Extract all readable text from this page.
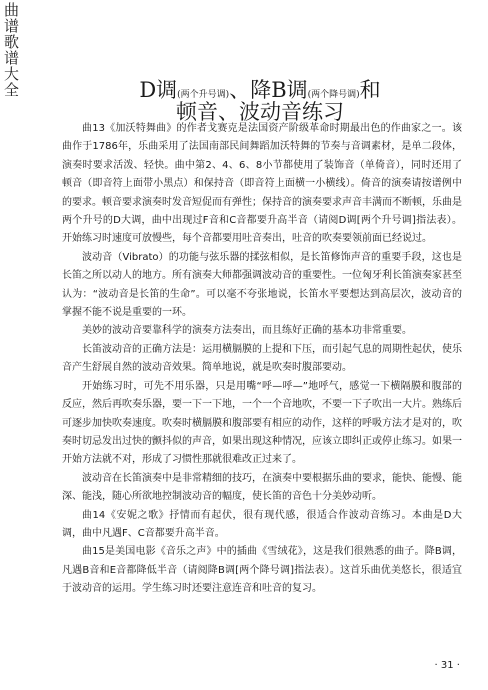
曲谱歌谱大全	D调(两个升号调)、降B调(两个降号调)和
顿音、波动音练习

曲13《加沃特舞曲》的作者戈赛克是法国资产阶级革命时期最出色的作曲家之一。该曲作于1786年，乐曲采用了法国南部民间舞蹈加沃特舞的节奏与音调素材，是单二段体，演奏时要求活泼、轻快。曲中第2、4、6、8小节都使用了装饰音（单倚音），同时还用了顿音（即音符上面带小黑点）和保持音（即音符上面横一小横线）。倚音的演奏请按谱例中的要求。顿音要求演奏时发音短促而有弹性；保持音的演奏要求声音丰满而不断顿，乐曲是两个升号的D大调，曲中出现过F音和C音都要升高半音（请阅D调[两个升号调]指法表）。开始练习时速度可放慢些，每个音都要用吐音奏出，吐音的吹奏要领前面已经说过。

波动音（Vibrato）的功能与弦乐器的揉弦相似，是长笛修饰声音的重要手段，这也是长笛之所以动人的地方。所有演奏大师都强调波动音的重要性。一位匈牙利长笛演奏家甚至认为：“波动音是长笛的生命”。可以毫不夸张地说，长笛水平要想达到高层次，波动音的掌握不能不说是重要的一环。

美妙的波动音要靠科学的演奏方法奏出，而且练好正确的基本功非常重要。

长笛波动音的正确方法是：运用横膈膜的上提和下压，而引起气息的周期性起伏，使乐音产生舒展自然的波动音效果。简单地说，就是吹奏时腹部要动。

开始练习时，可先不用乐器，只是用嘴“呼—呼—”地呼气，感觉一下横隔膜和腹部的反应，然后再吹奏乐器，要一下一下地，一个一个音地吹，不要一下子吹出一大片。熟练后可逐步加快吹奏速度。吹奏时横膈膜和腹部要有相应的动作，这样的呼吸方法才是对的，吹奏时切忌发出过快的颤抖似的声音，如果出现这种情况，应该立即纠正或停止练习。如果一开始方法就不对，形成了习惯性那就很难改正过来了。

波动音在长笛演奏中是非常精细的技巧，在演奏中要根据乐曲的要求，能快、能慢、能深、能浅，随心所欲地控制波动音的幅度，使长笛的音色十分美妙动听。

曲14《安妮之歌》抒情而有起伏，很有现代感，很适合作波动音练习。本曲是D大调，曲中凡遇F、C音都要升高半音。

曲15是美国电影《音乐之声》中的插曲《雪绒花》，这是我们很熟悉的曲子。降B调，凡遇B音和E音都降低半音（请阅降B调[两个降号调]指法表）。这首乐曲优美悠长，很适宜于波动音的运用。学生练习时还要注意连音和吐音的复习。

· 31 ·
